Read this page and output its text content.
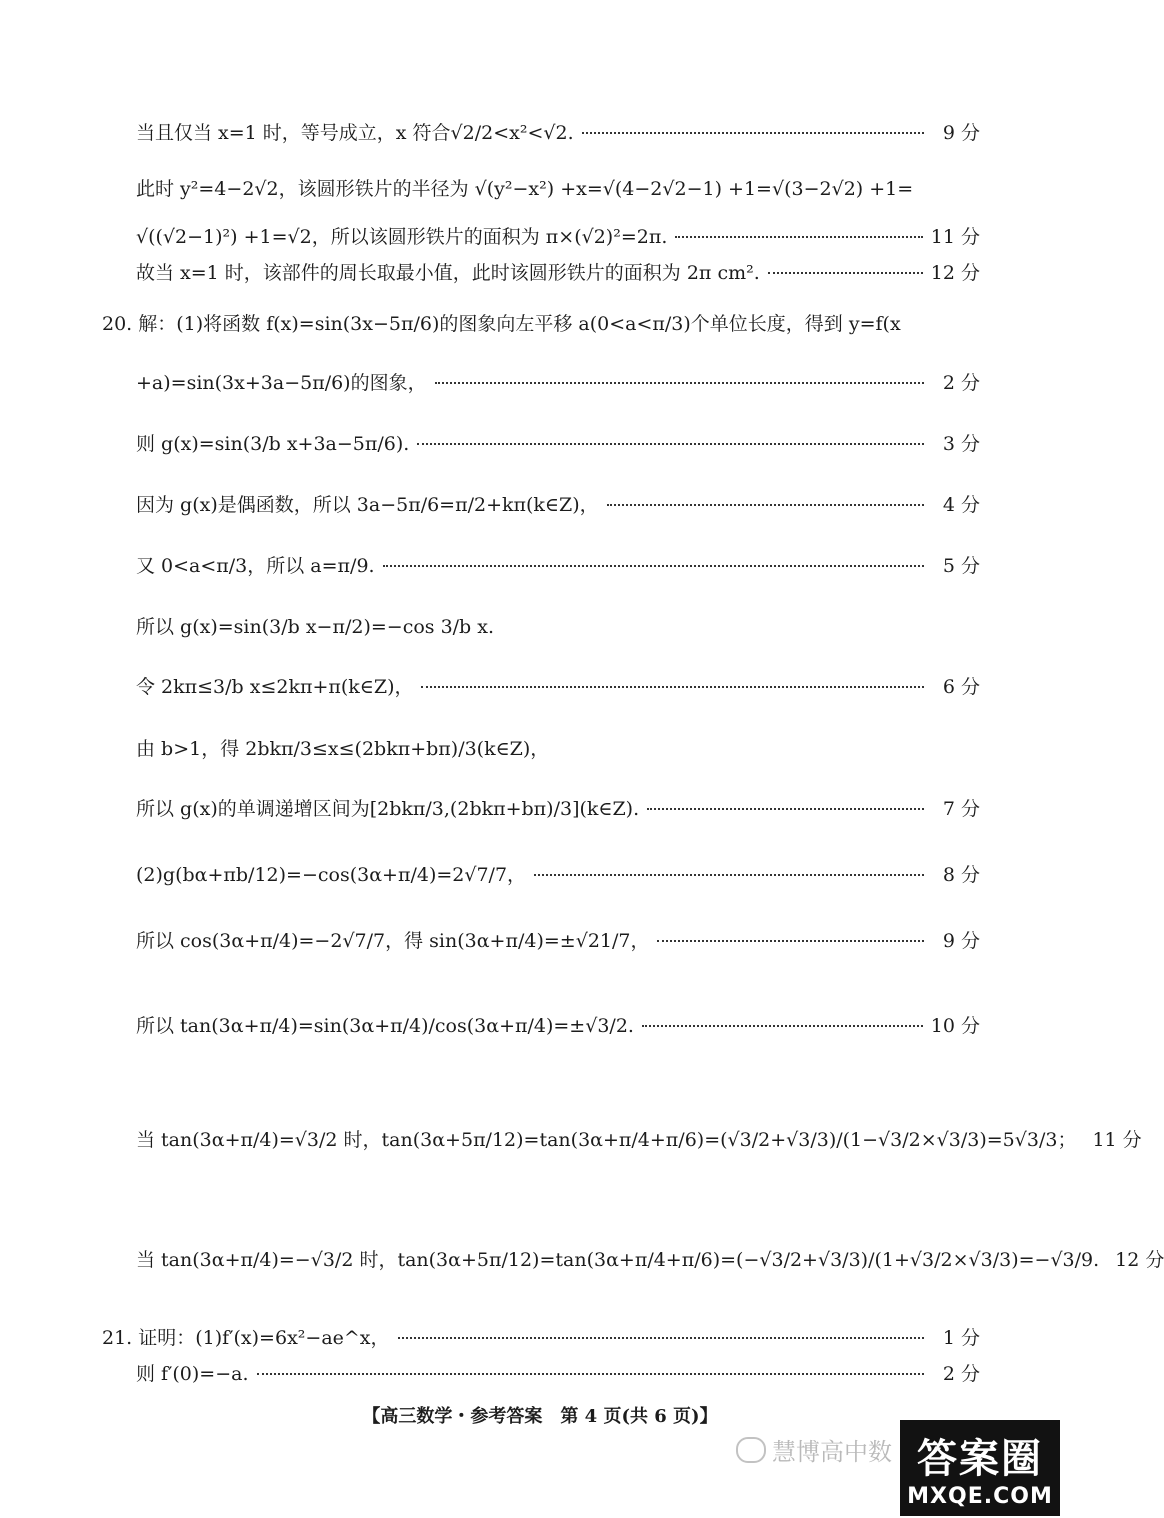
当且仅当 x=1 时，等号成立，x 符合√2/2<x²<√2.	9 分
此时 y²=4−2√2，该圆形铁片的半径为 √(y²−x²) +x=√(4−2√2−1) +1=√(3−2√2) +1=
√((√2−1)²) +1=√2，所以该圆形铁片的面积为 π×(√2)²=2π.	11 分
故当 x=1 时，该部件的周长取最小值，此时该圆形铁片的面积为 2π cm².	12 分
20. 解：(1)将函数 f(x)=sin(3x−5π/6)的图象向左平移 a(0<a<π/3)个单位长度，得到 y=f(x
+a)=sin(3x+3a−5π/6)的图象，	2 分
则 g(x)=sin(3/b x+3a−5π/6).	3 分
因为 g(x)是偶函数，所以 3a−5π/6=π/2+kπ(k∈Z)，	4 分
又 0<a<π/3，所以 a=π/9.	5 分
所以 g(x)=sin(3/b x−π/2)=−cos 3/b x.
令 2kπ≤3/b x≤2kπ+π(k∈Z)，	6 分
由 b>1，得 2bkπ/3≤x≤(2bkπ+bπ)/3(k∈Z)，
所以 g(x)的单调递增区间为[2bkπ/3,(2bkπ+bπ)/3](k∈Z).	7 分
(2)g(bα+πb/12)=−cos(3α+π/4)=2√7/7，	8 分
所以 cos(3α+π/4)=−2√7/7，得 sin(3α+π/4)=±√21/7，	9 分
所以 tan(3α+π/4)=sin(3α+π/4)/cos(3α+π/4)=±√3/2.	10 分
当 tan(3α+π/4)=√3/2 时，tan(3α+5π/12)=tan(3α+π/4+π/6)=(√3/2+√3/3)/(1−√3/2×√3/3)=5√3/3； 11 分
当 tan(3α+π/4)=−√3/2 时，tan(3α+5π/12)=tan(3α+π/4+π/6)=(−√3/2+√3/3)/(1+√3/2×√3/3)=−√3/9. 12 分
21. 证明：(1)f′(x)=6x²−ae^x，	1 分
则 f′(0)=−a.	2 分
【高三数学・参考答案　第 4 页(共 6 页)】
慧博高中数 答案圈
MXQE.COM
